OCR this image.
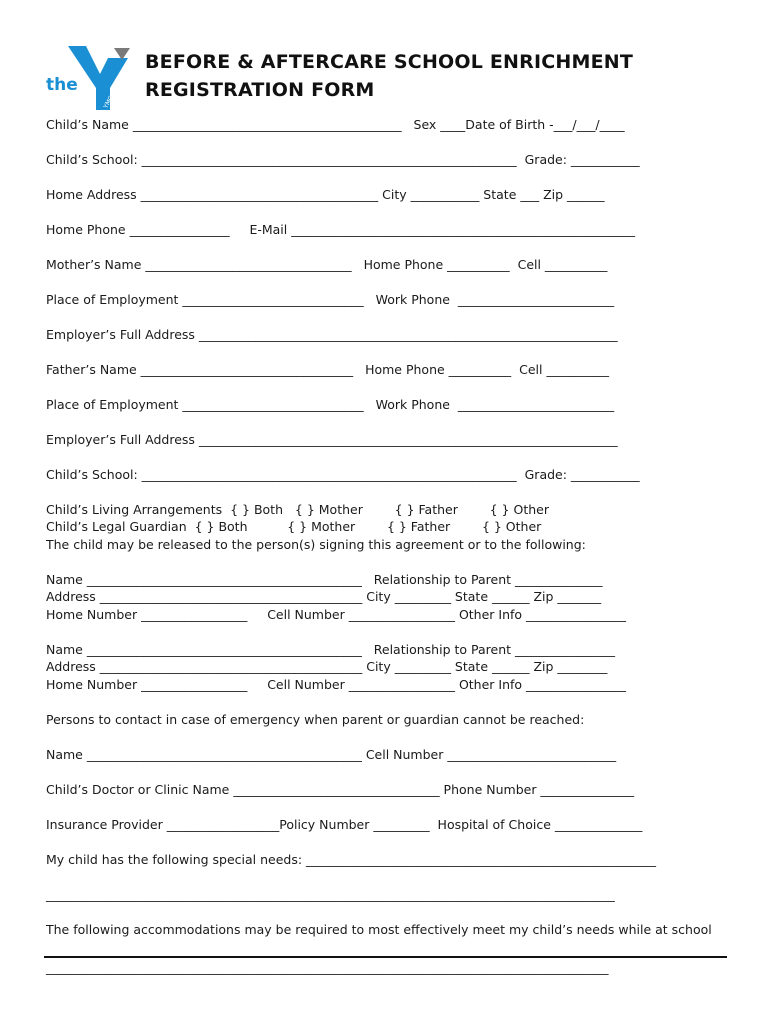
the
YMCA
BEFORE & AFTERCARE SCHOOL ENRICHMENT
REGISTRATION FORM
Child’s Name ___________________________________________   Sex ____Date of Birth -___/___/____
Child’s School: ____________________________________________________________  Grade: ___________
Home Address ______________________________________ City ___________ State ___ Zip ______
Home Phone ________________     E-Mail _______________________________________________________
Mother’s Name _________________________________   Home Phone __________  Cell __________
Place of Employment _____________________________   Work Phone  _________________________
Employer’s Full Address ___________________________________________________________________
Father’s Name __________________________________   Home Phone __________  Cell __________
Place of Employment _____________________________   Work Phone  _________________________
Employer’s Full Address ___________________________________________________________________
Child’s School: ____________________________________________________________  Grade: ___________
Child’s Living Arrangements  { } Both   { } Mother        { } Father        { } Other
Child’s Legal Guardian  { } Both          { } Mother        { } Father        { } Other
The child may be released to the person(s) signing this agreement or to the following:
Name ____________________________________________   Relationship to Parent ______________
Address __________________________________________ City _________ State ______ Zip _______
Home Number _________________     Cell Number _________________ Other Info ________________
Name ____________________________________________   Relationship to Parent ________________
Address __________________________________________ City _________ State ______ Zip ________
Home Number _________________     Cell Number _________________ Other Info ________________
Persons to contact in case of emergency when parent or guardian cannot be reached:
Name ____________________________________________ Cell Number ___________________________
Child’s Doctor or Clinic Name _________________________________ Phone Number _______________
Insurance Provider __________________Policy Number _________  Hospital of Choice ______________
My child has the following special needs: ________________________________________________________
___________________________________________________________________________________________
The following accommodations may be required to most effectively meet my child’s needs while at school
__________________________________________________________________________________________
